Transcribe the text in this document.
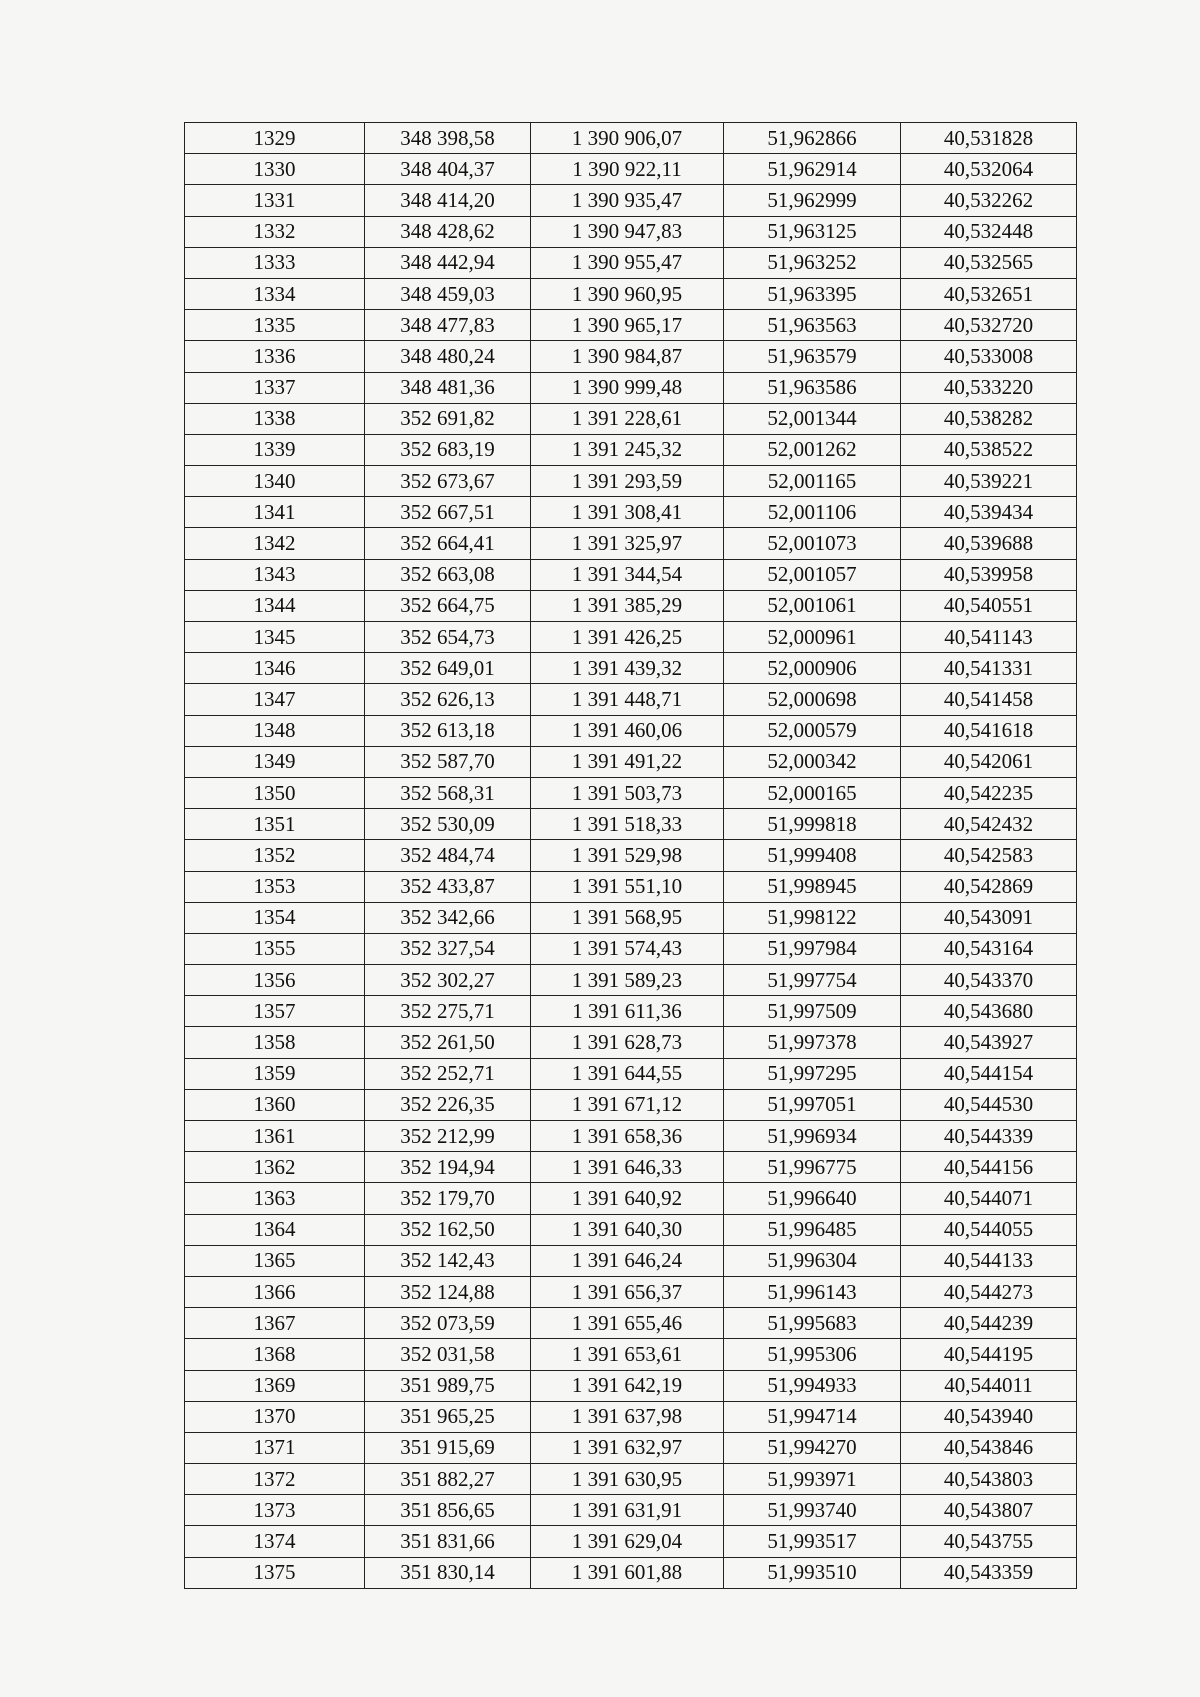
1329	348 398,58	1 390 906,07	51,962866	40,531828
1330	348 404,37	1 390 922,11	51,962914	40,532064
1331	348 414,20	1 390 935,47	51,962999	40,532262
1332	348 428,62	1 390 947,83	51,963125	40,532448
1333	348 442,94	1 390 955,47	51,963252	40,532565
1334	348 459,03	1 390 960,95	51,963395	40,532651
1335	348 477,83	1 390 965,17	51,963563	40,532720
1336	348 480,24	1 390 984,87	51,963579	40,533008
1337	348 481,36	1 390 999,48	51,963586	40,533220
1338	352 691,82	1 391 228,61	52,001344	40,538282
1339	352 683,19	1 391 245,32	52,001262	40,538522
1340	352 673,67	1 391 293,59	52,001165	40,539221
1341	352 667,51	1 391 308,41	52,001106	40,539434
1342	352 664,41	1 391 325,97	52,001073	40,539688
1343	352 663,08	1 391 344,54	52,001057	40,539958
1344	352 664,75	1 391 385,29	52,001061	40,540551
1345	352 654,73	1 391 426,25	52,000961	40,541143
1346	352 649,01	1 391 439,32	52,000906	40,541331
1347	352 626,13	1 391 448,71	52,000698	40,541458
1348	352 613,18	1 391 460,06	52,000579	40,541618
1349	352 587,70	1 391 491,22	52,000342	40,542061
1350	352 568,31	1 391 503,73	52,000165	40,542235
1351	352 530,09	1 391 518,33	51,999818	40,542432
1352	352 484,74	1 391 529,98	51,999408	40,542583
1353	352 433,87	1 391 551,10	51,998945	40,542869
1354	352 342,66	1 391 568,95	51,998122	40,543091
1355	352 327,54	1 391 574,43	51,997984	40,543164
1356	352 302,27	1 391 589,23	51,997754	40,543370
1357	352 275,71	1 391 611,36	51,997509	40,543680
1358	352 261,50	1 391 628,73	51,997378	40,543927
1359	352 252,71	1 391 644,55	51,997295	40,544154
1360	352 226,35	1 391 671,12	51,997051	40,544530
1361	352 212,99	1 391 658,36	51,996934	40,544339
1362	352 194,94	1 391 646,33	51,996775	40,544156
1363	352 179,70	1 391 640,92	51,996640	40,544071
1364	352 162,50	1 391 640,30	51,996485	40,544055
1365	352 142,43	1 391 646,24	51,996304	40,544133
1366	352 124,88	1 391 656,37	51,996143	40,544273
1367	352 073,59	1 391 655,46	51,995683	40,544239
1368	352 031,58	1 391 653,61	51,995306	40,544195
1369	351 989,75	1 391 642,19	51,994933	40,544011
1370	351 965,25	1 391 637,98	51,994714	40,543940
1371	351 915,69	1 391 632,97	51,994270	40,543846
1372	351 882,27	1 391 630,95	51,993971	40,543803
1373	351 856,65	1 391 631,91	51,993740	40,543807
1374	351 831,66	1 391 629,04	51,993517	40,543755
1375	351 830,14	1 391 601,88	51,993510	40,543359
